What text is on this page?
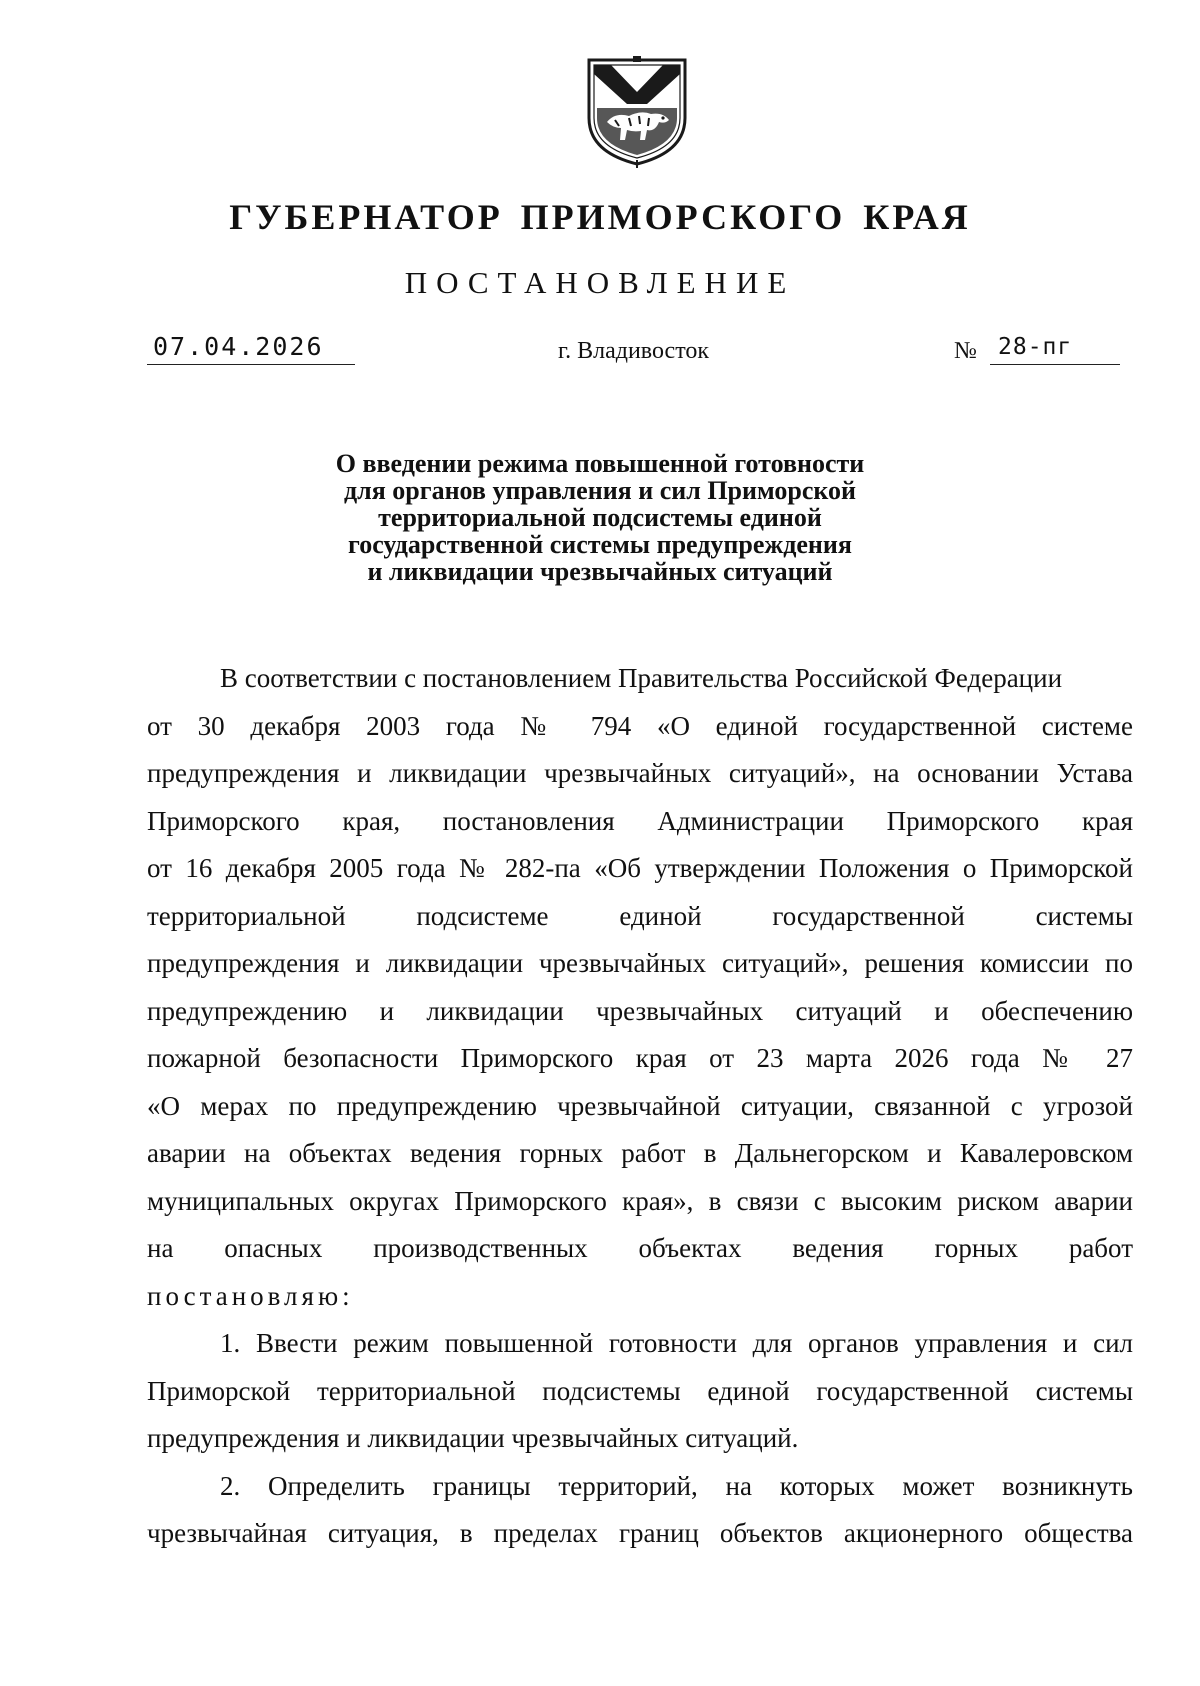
ГУБЕРНАТОР ПРИМОРСКОГО КРАЯ
ПОСТАНОВЛЕНИЕ
07.04.2026	г. Владивосток	№ 28-пг
О введении режима повышенной готовности
для органов управления и сил Приморской
территориальной подсистемы единой
государственной системы предупреждения
и ликвидации чрезвычайных ситуаций
В соответствии с постановлением Правительства Российской Федерации
от 30 декабря 2003 года № 794 «О единой государственной системе
предупреждения и ликвидации чрезвычайных ситуаций», на основании Устава
Приморского края, постановления Администрации Приморского края
от 16 декабря 2005 года № 282-па «Об утверждении Положения о Приморской
территориальной подсистеме единой государственной системы
предупреждения и ликвидации чрезвычайных ситуаций», решения комиссии по
предупреждению и ликвидации чрезвычайных ситуаций и обеспечению
пожарной безопасности Приморского края от 23 марта 2026 года № 27
«О мерах по предупреждению чрезвычайной ситуации, связанной с угрозой
аварии на объектах ведения горных работ в Дальнегорском и Кавалеровском
муниципальных округах Приморского края», в связи с высоким риском аварии
на опасных производственных объектах ведения горных работ
постановляю:
1. Ввести режим повышенной готовности для органов управления и сил
Приморской территориальной подсистемы единой государственной системы
предупреждения и ликвидации чрезвычайных ситуаций.
2. Определить границы территорий, на которых может возникнуть
чрезвычайная ситуация, в пределах границ объектов акционерного общества
